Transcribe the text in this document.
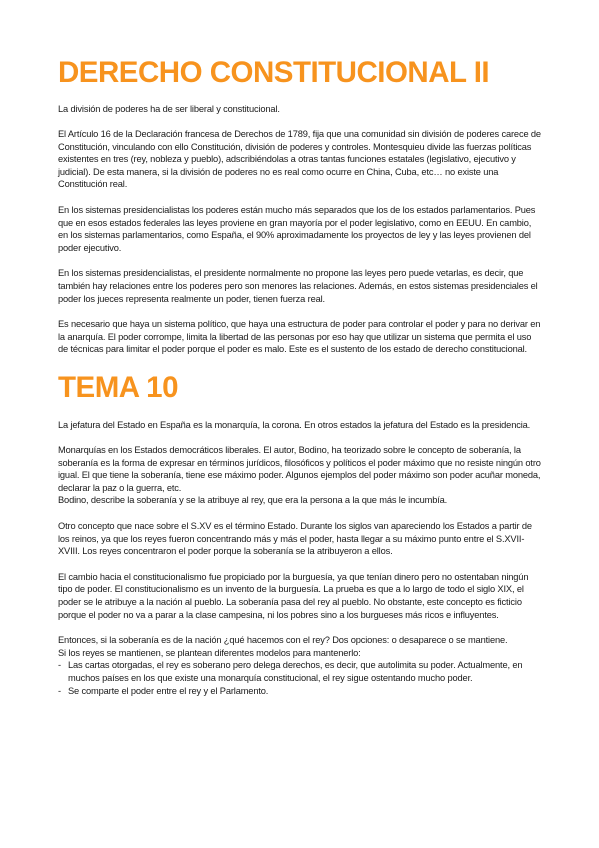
DERECHO CONSTITUCIONAL II

La división de poderes ha de ser liberal y constitucional.

El Artículo 16 de la Declaración francesa de Derechos de 1789, fija que una comunidad sin división de poderes carece de Constitución, vinculando con ello Constitución, división de poderes y controles. Montesquieu divide las fuerzas políticas existentes en tres (rey, nobleza y pueblo), adscribiéndolas a otras tantas funciones estatales (legislativo, ejecutivo y judicial). De esta manera, si la división de poderes no es real como ocurre en China, Cuba, etc… no existe una Constitución real.

En los sistemas presidencialistas los poderes están mucho más separados que los de los estados parlamentarios. Pues que en esos estados federales las leyes proviene en gran mayoría por el poder legislativo, como en EEUU. En cambio, en los sistemas parlamentarios, como España, el 90% aproximadamente los proyectos de ley y las leyes provienen del poder ejecutivo.

En los sistemas presidencialistas, el presidente normalmente no propone las leyes pero puede vetarlas, es decir, que también hay relaciones entre los poderes pero son menores las relaciones. Además, en estos sistemas presidenciales el poder los jueces representa realmente un poder, tienen fuerza real.

Es necesario que haya un sistema político, que haya una estructura de poder para controlar el poder y para no derivar en la anarquía. El poder corrompe, limita la libertad de las personas por eso hay que utilizar un sistema que permita el uso de técnicas para limitar el poder porque el poder es malo. Este es el sustento de los estado de derecho constitucional.

TEMA 10

La jefatura del Estado en España es la monarquía, la corona. En otros estados la jefatura del Estado es la presidencia.

Monarquías en los Estados democráticos liberales. El autor, Bodino, ha teorizado sobre le concepto de soberanía, la soberanía es la forma de expresar en términos jurídicos, filosóficos y políticos el poder máximo que no resiste ningún otro igual. El que tiene la soberanía, tiene ese máximo poder. Algunos ejemplos del poder máximo son poder acuñar moneda, declarar la paz o la guerra, etc.

Bodino, describe la soberanía y se la atribuye al rey, que era la persona a la que más le incumbía.

Otro concepto que nace sobre el S.XV es el término Estado. Durante los siglos van apareciendo los Estados a partir de los reinos, ya que los reyes fueron concentrando más y más el poder, hasta llegar a su máximo punto entre el S.XVII- XVIII. Los reyes concentraron el poder porque la soberanía se la atribuyeron a ellos.

El cambio hacia el constitucionalismo fue propiciado por la burguesía, ya que tenían dinero pero no ostentaban ningún tipo de poder. El constitucionalismo es un invento de la burguesía. La prueba es que a lo largo de todo el siglo XIX, el poder se le atribuye a la nación al pueblo. La soberanía pasa del rey al pueblo. No obstante, este concepto es ficticio porque el poder no va a parar a la clase campesina, ni los pobres sino a los burgueses más ricos e influyentes.

Entonces, si la soberanía es de la nación ¿qué hacemos con el rey? Dos opciones: o desaparece o se mantiene.

Si los reyes se mantienen, se plantean diferentes modelos para mantenerlo:

- Las cartas otorgadas, el rey es soberano pero delega derechos, es decir, que autolimita su poder. Actualmente, en muchos países en los que existe una monarquía constitucional, el rey sigue ostentando mucho poder.
- Se comparte el poder entre el rey y el Parlamento.
